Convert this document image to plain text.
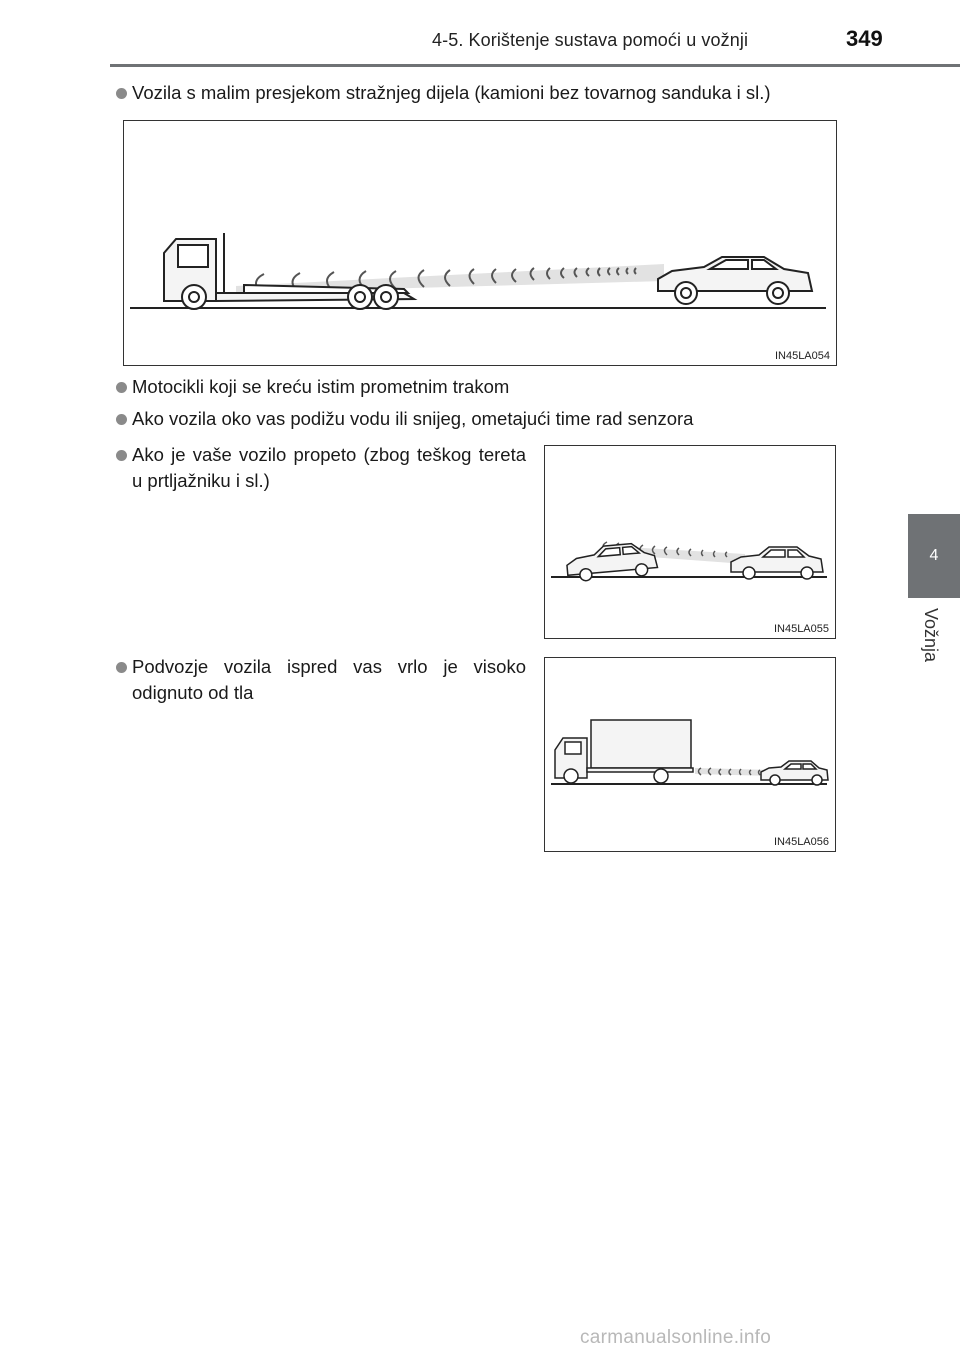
4-5. Korištenje sustava pomoći u vožnji	349
4
Vožnja
Vozila s malim presjekom stražnjeg dijela (kamioni bez tovarnog sanduka i sl.)
IN45LA054
Motocikli koji se kreću istim prometnim trakom
Ako vozila oko vas podižu vodu ili snijeg, ometajući time rad senzora
Ako je vaše vozilo propeto (zbog teškog tereta u prtljažniku i sl.)
IN45LA055
Podvozje vozila ispred vas vrlo je visoko odignuto od tla
IN45LA056
carmanualsonline.info
